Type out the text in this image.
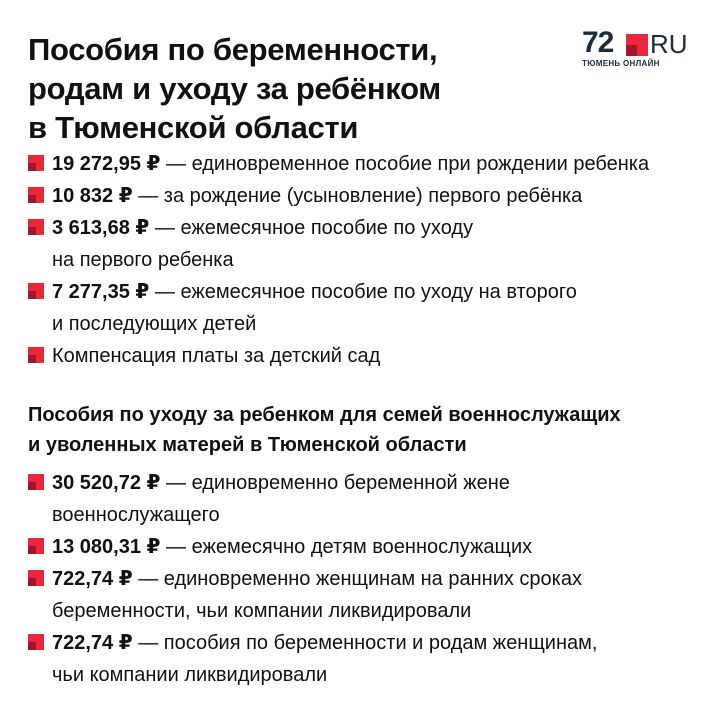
Пособия по беременности,
родам и уходу за ребёнком
в Тюменской области
72 RU
ТЮМЕНЬ ОНЛАЙН
19 272,95 ₽ — единовременное пособие при рождении ребенка
10 832 ₽ — за рождение (усыновление) первого ребёнка
3 613,68 ₽ — ежемесячное пособие по уходу
на первого ребенка
7 277,35 ₽ — ежемесячное пособие по уходу на второго
и последующих детей
Компенсация платы за детский сад
Пособия по уходу за ребенком для семей военнослужащих
и уволенных матерей в Тюменской области
30 520,72 ₽ — единовременно беременной жене
военнослужащего
13 080,31 ₽ — ежемесячно детям военнослужащих
722,74 ₽ — единовременно женщинам на ранних сроках
беременности, чьи компании ликвидировали
722,74 ₽ — пособия по беременности и родам женщинам,
чьи компании ликвидировали
